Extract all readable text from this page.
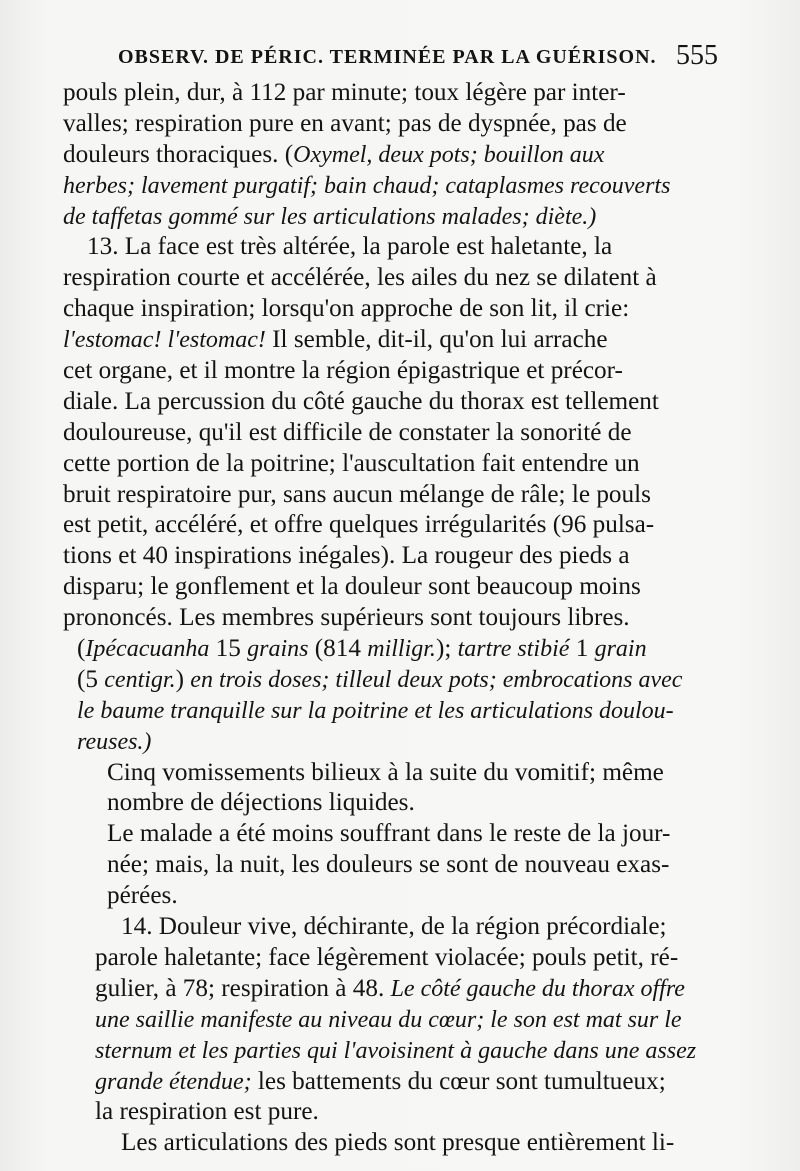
OBSERV. DE PÉRIC. TERMINÉE PAR LA GUÉRISON. 555
pouls plein, dur, à 112 par minute; toux légère par inter-
valles; respiration pure en avant; pas de dyspnée, pas de
douleurs thoraciques. (Oxymel, deux pots; bouillon aux
herbes; lavement purgatif; bain chaud; cataplasmes recouverts
de taffetas gommé sur les articulations malades; diète.)
13. La face est très altérée, la parole est haletante, la
respiration courte et accélérée, les ailes du nez se dilatent à
chaque inspiration; lorsqu'on approche de son lit, il crie:
l'estomac! l'estomac! Il semble, dit-il, qu'on lui arrache
cet organe, et il montre la région épigastrique et précor-
diale. La percussion du côté gauche du thorax est tellement
douloureuse, qu'il est difficile de constater la sonorité de
cette portion de la poitrine; l'auscultation fait entendre un
bruit respiratoire pur, sans aucun mélange de râle; le pouls
est petit, accéléré, et offre quelques irrégularités (96 pulsa-
tions et 40 inspirations inégales). La rougeur des pieds a
disparu; le gonflement et la douleur sont beaucoup moins
prononcés. Les membres supérieurs sont toujours libres.
(Ipécacuanha 15 grains (814 milligr.); tartre stibié 1 grain
(5 centigr.) en trois doses; tilleul deux pots; embrocations avec
le baume tranquille sur la poitrine et les articulations doulou-
reuses.)
Cinq vomissements bilieux à la suite du vomitif; même
nombre de déjections liquides.
Le malade a été moins souffrant dans le reste de la jour-
née; mais, la nuit, les douleurs se sont de nouveau exas-
pérées.
14. Douleur vive, déchirante, de la région précordiale;
parole haletante; face légèrement violacée; pouls petit, ré-
gulier, à 78; respiration à 48. Le côté gauche du thorax offre
une saillie manifeste au niveau du cœur; le son est mat sur le
sternum et les parties qui l'avoisinent à gauche dans une assez
grande étendue; les battements du cœur sont tumultueux;
la respiration est pure.
Les articulations des pieds sont presque entièrement li-
